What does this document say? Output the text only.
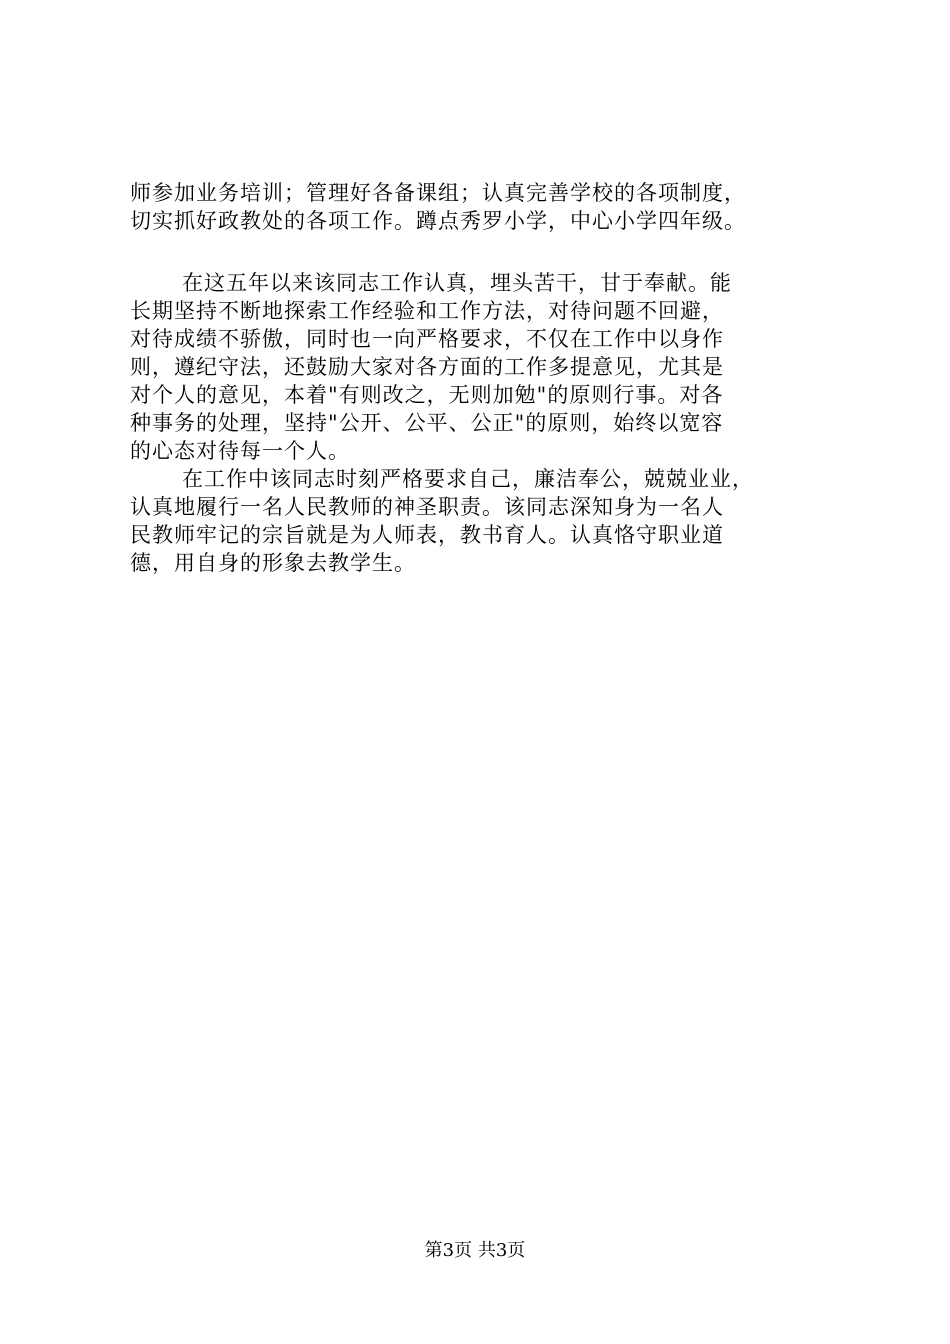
师参加业务培训；管理好各备课组；认真完善学校的各项制度，
切实抓好政教处的各项工作。蹲点秀罗小学，中心小学四年级。
在这五年以来该同志工作认真，埋头苦干，甘于奉献。能
长期坚持不断地探索工作经验和工作方法，对待问题不回避，
对待成绩不骄傲，同时也一向严格要求，不仅在工作中以身作
则，遵纪守法，还鼓励大家对各方面的工作多提意见，尤其是
对个人的意见，本着"有则改之，无则加勉"的原则行事。对各
种事务的处理，坚持"公开、公平、公正"的原则，始终以宽容
的心态对待每一个人。
在工作中该同志时刻严格要求自己，廉洁奉公，兢兢业业，
认真地履行一名人民教师的神圣职责。该同志深知身为一名人
民教师牢记的宗旨就是为人师表，教书育人。认真恪守职业道
德，用自身的形象去教学生。
第3页 共3页
